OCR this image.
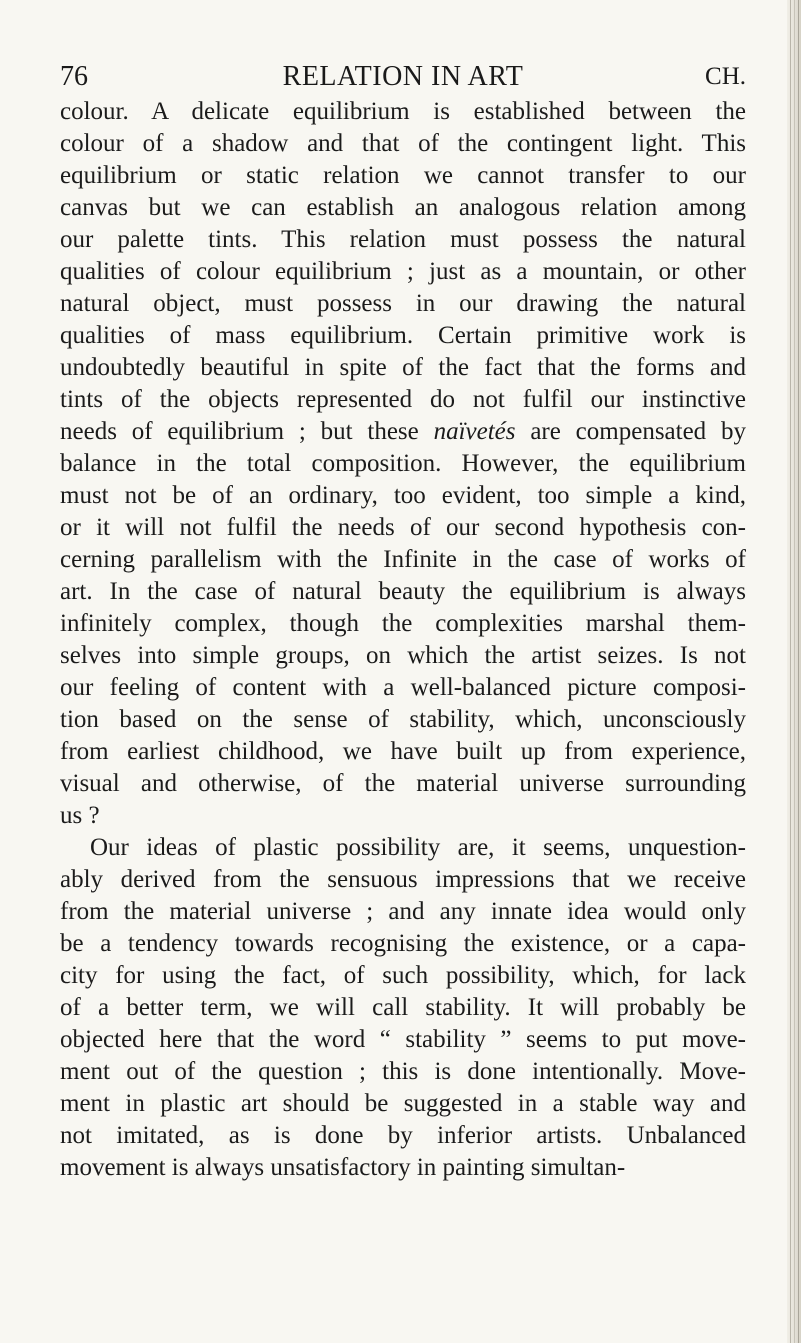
76	RELATION IN ART	CH.
colour. A delicate equilibrium is established between the
colour of a shadow and that of the contingent light. This
equilibrium or static relation we cannot transfer to our
canvas but we can establish an analogous relation among
our palette tints. This relation must possess the natural
qualities of colour equilibrium ; just as a mountain, or other
natural object, must possess in our drawing the natural
qualities of mass equilibrium. Certain primitive work is
undoubtedly beautiful in spite of the fact that the forms and
tints of the objects represented do not fulfil our instinctive
needs of equilibrium ; but these naïvetés are compensated by
balance in the total composition. However, the equilibrium
must not be of an ordinary, too evident, too simple a kind,
or it will not fulfil the needs of our second hypothesis con-
cerning parallelism with the Infinite in the case of works of
art. In the case of natural beauty the equilibrium is always
infinitely complex, though the complexities marshal them-
selves into simple groups, on which the artist seizes. Is not
our feeling of content with a well-balanced picture composi-
tion based on the sense of stability, which, unconsciously
from earliest childhood, we have built up from experience,
visual and otherwise, of the material universe surrounding
us ?
Our ideas of plastic possibility are, it seems, unquestion-
ably derived from the sensuous impressions that we receive
from the material universe ; and any innate idea would only
be a tendency towards recognising the existence, or a capa-
city for using the fact, of such possibility, which, for lack
of a better term, we will call stability. It will probably be
objected here that the word “ stability ” seems to put move-
ment out of the question ; this is done intentionally. Move-
ment in plastic art should be suggested in a stable way and
not imitated, as is done by inferior artists. Unbalanced
movement is always unsatisfactory in painting simultan-
